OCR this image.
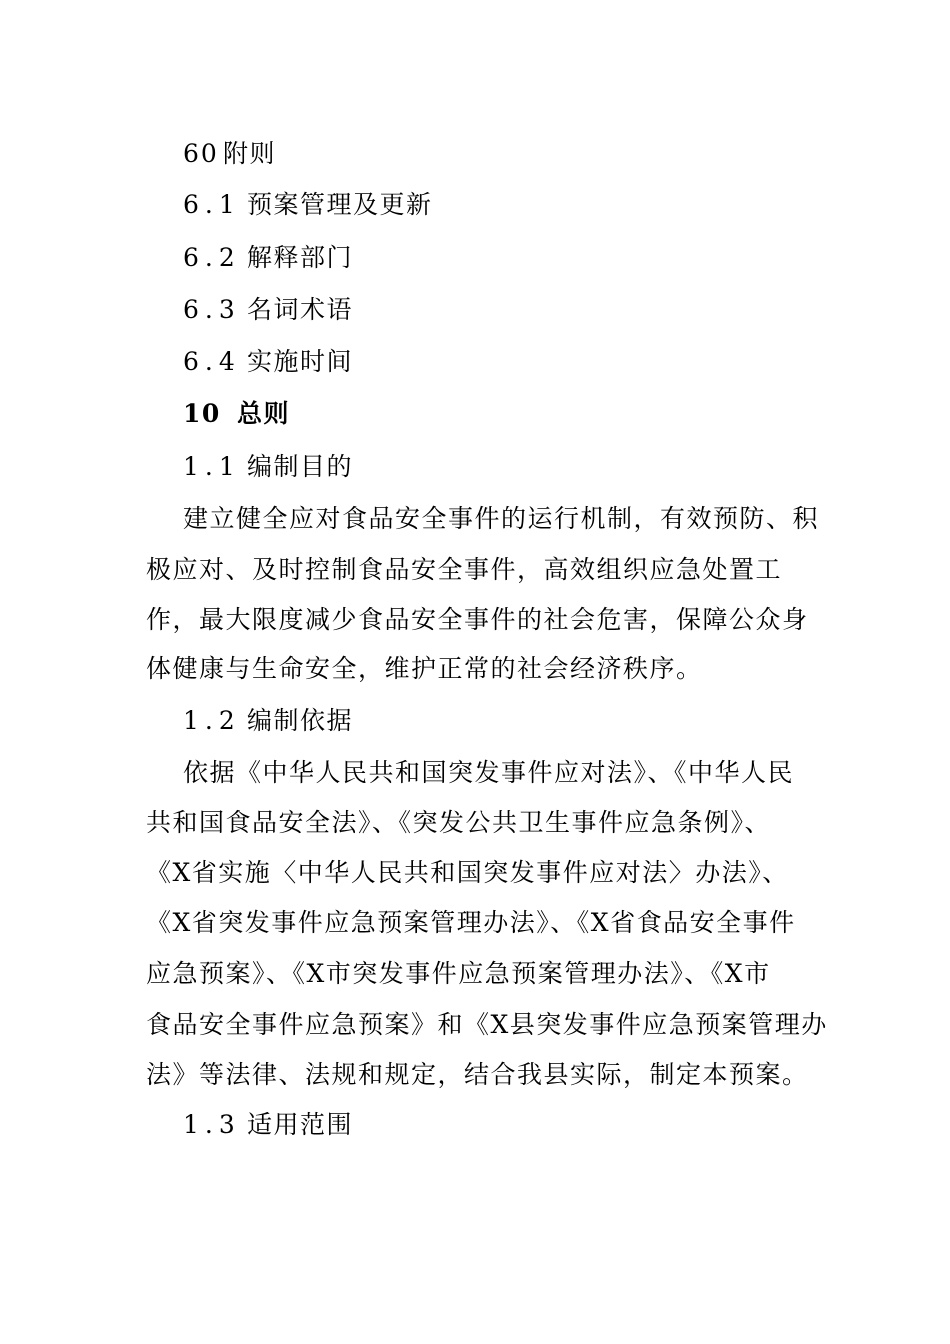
60 附则
6.1 预案管理及更新
6.2 解释部门
6.3 名词术语
6.4 实施时间
10 总则
1.1 编制目的
建立健全应对食品安全事件的运行机制，有效预防、积
极应对、及时控制食品安全事件，高效组织应急处置工
作，最大限度减少食品安全事件的社会危害，保障公众身
体健康与生命安全，维护正常的社会经济秩序。
1.2 编制依据
依据《中华人民共和国突发事件应对法》、《中华人民
共和国食品安全法》、《突发公共卫生事件应急条例》、
《X省实施〈中华人民共和国突发事件应对法〉办法》、
《X省突发事件应急预案管理办法》、《X省食品安全事件
应急预案》、《X市突发事件应急预案管理办法》、《X市
食品安全事件应急预案》和《X县突发事件应急预案管理办
法》等法律、法规和规定，结合我县实际，制定本预案。
1.3 适用范围
